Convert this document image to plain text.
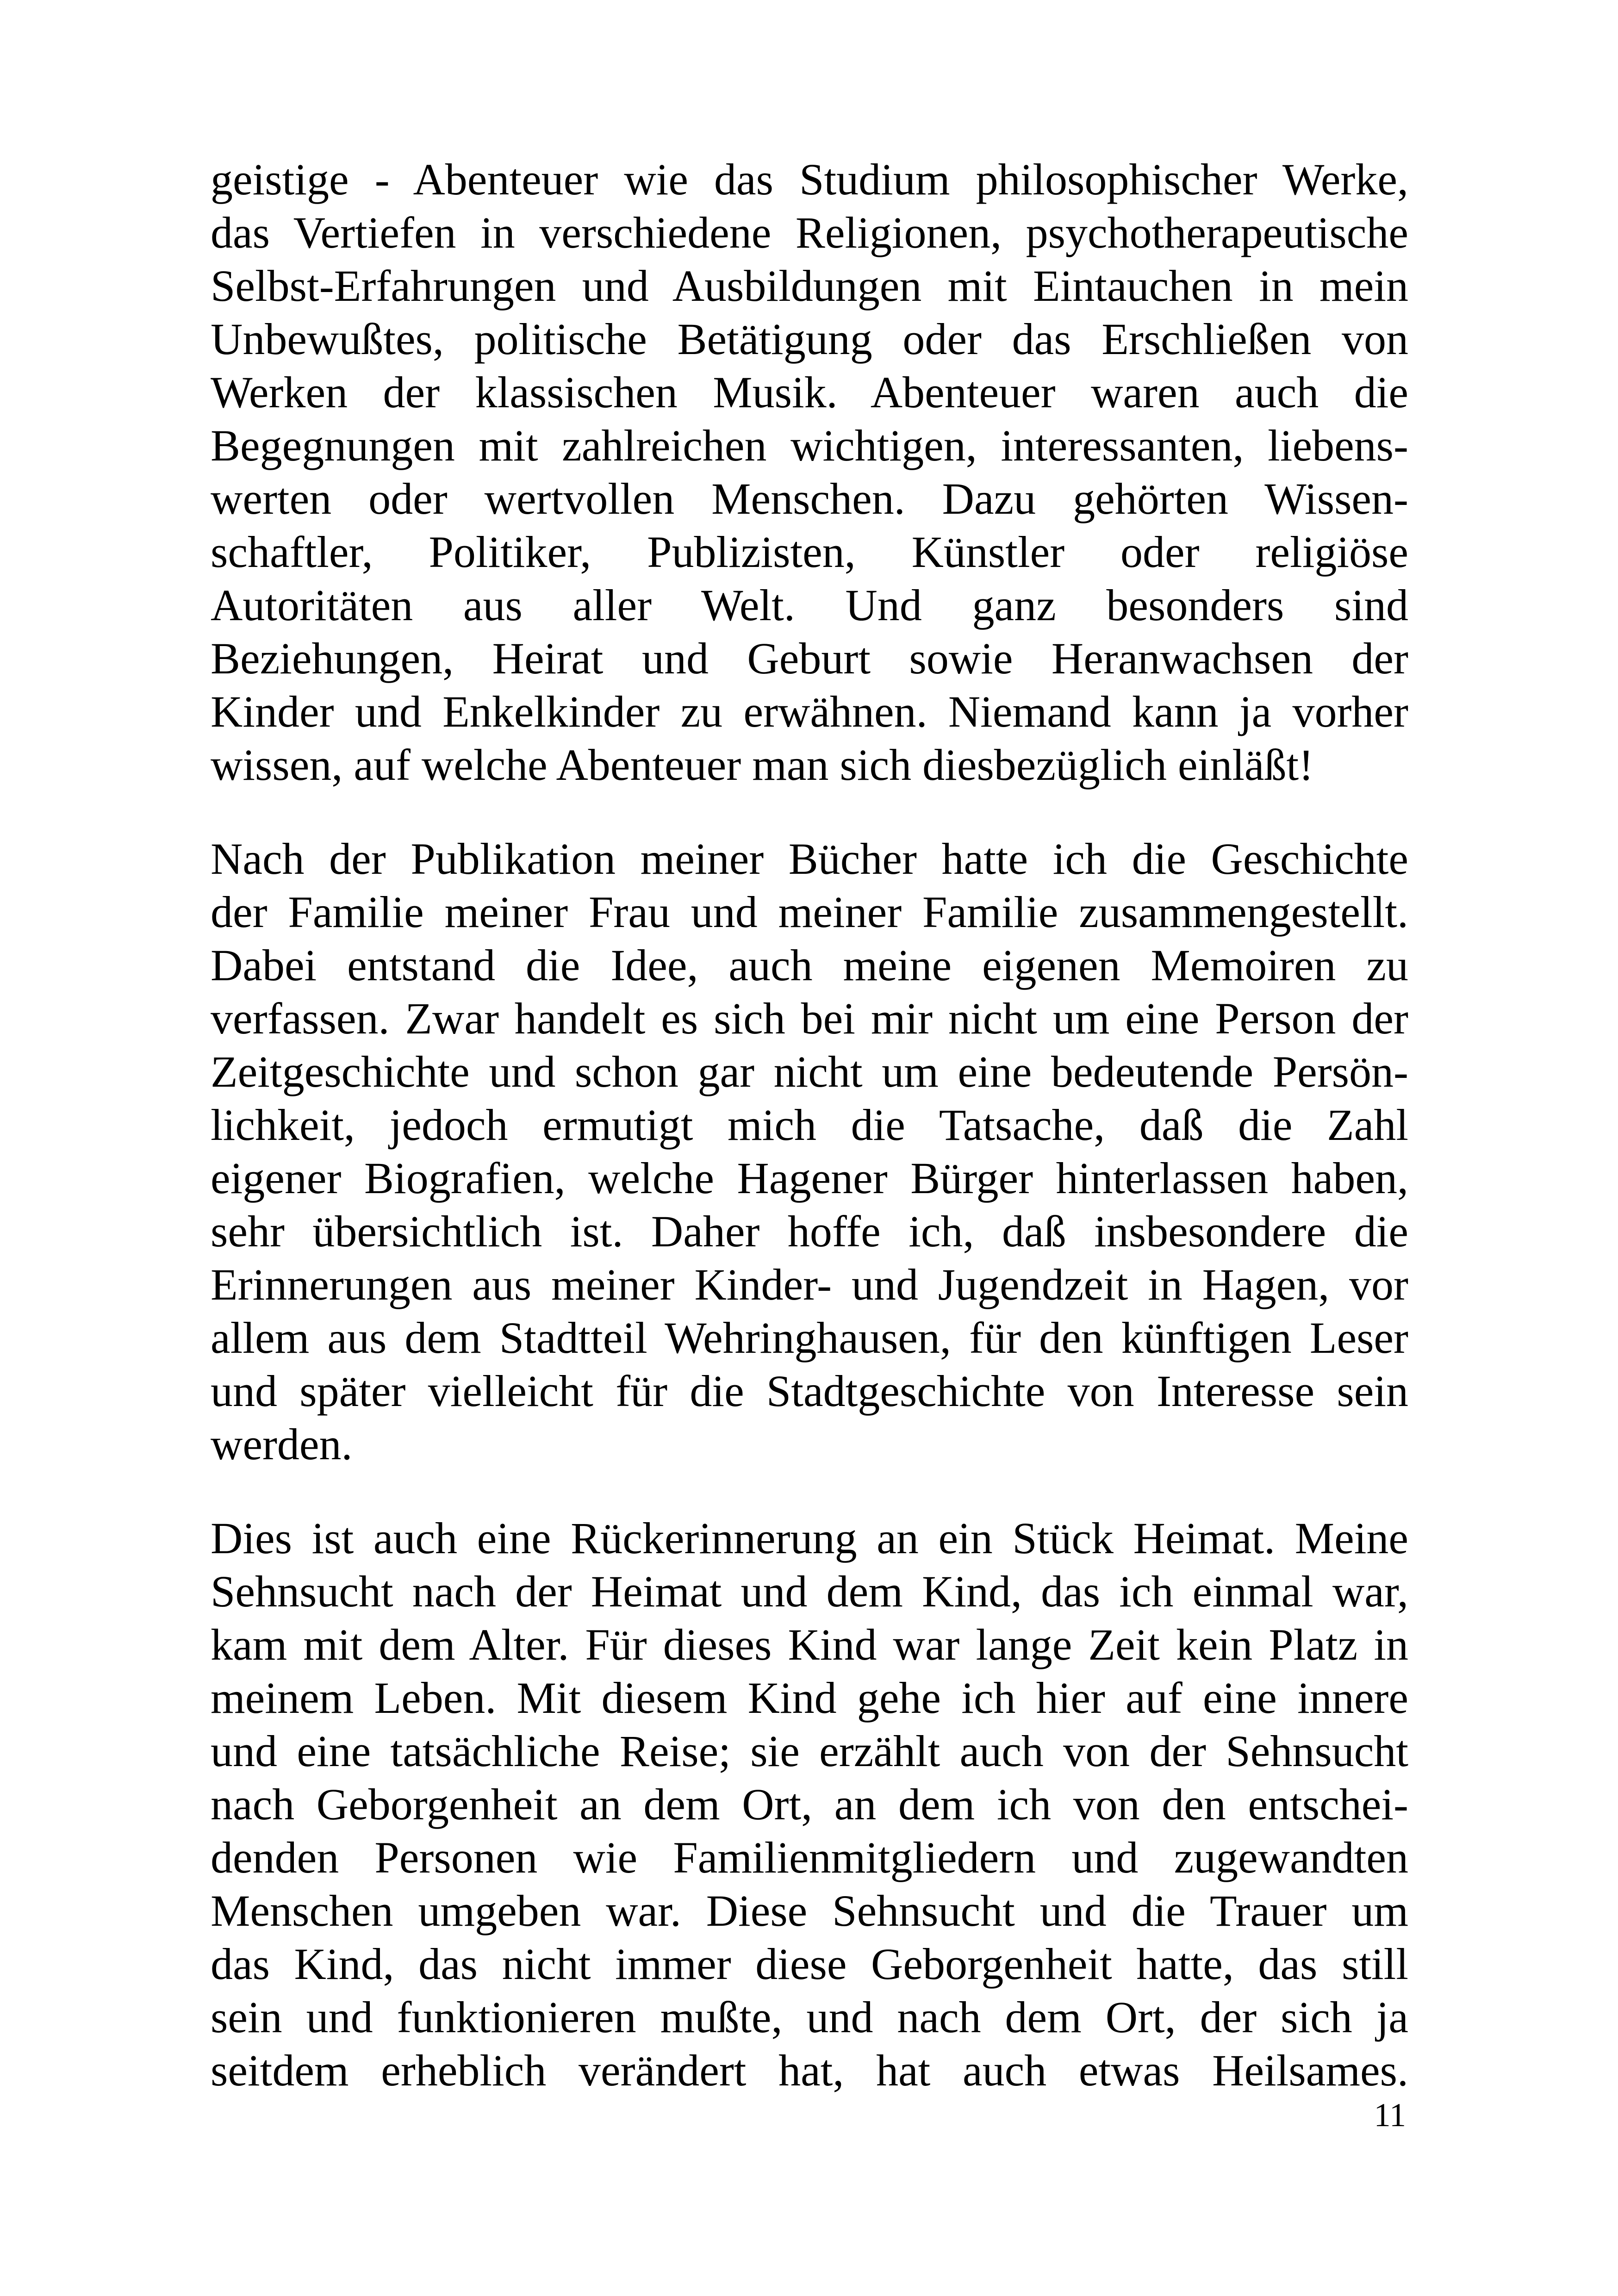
geistige - Abenteuer wie das Studium philosophischer Werke,
das Vertiefen in verschiedene Religionen, psychotherapeutische
Selbst-Erfahrungen und Ausbildungen mit Eintauchen in mein
Unbewußtes, politische Betätigung oder das Erschließen von
Werken der klassischen Musik. Abenteuer waren auch die
Begegnungen mit zahlreichen wichtigen, interessanten, liebens-
werten oder wertvollen Menschen. Dazu gehörten Wissen-
schaftler, Politiker, Publizisten, Künstler oder religiöse
Autoritäten aus aller Welt. Und ganz besonders sind
Beziehungen, Heirat und Geburt sowie Heranwachsen der
Kinder und Enkelkinder zu erwähnen. Niemand kann ja vorher
wissen, auf welche Abenteuer man sich diesbezüglich einläßt!

Nach der Publikation meiner Bücher hatte ich die Geschichte
der Familie meiner Frau und meiner Familie zusammengestellt.
Dabei entstand die Idee, auch meine eigenen Memoiren zu
verfassen. Zwar handelt es sich bei mir nicht um eine Person der
Zeitgeschichte und schon gar nicht um eine bedeutende Persön-
lichkeit, jedoch ermutigt mich die Tatsache, daß die Zahl
eigener Biografien, welche Hagener Bürger hinterlassen haben,
sehr übersichtlich ist. Daher hoffe ich, daß insbesondere die
Erinnerungen aus meiner Kinder- und Jugendzeit in Hagen, vor
allem aus dem Stadtteil Wehringhausen, für den künftigen Leser
und später vielleicht für die Stadtgeschichte von Interesse sein
werden.

Dies ist auch eine Rückerinnerung an ein Stück Heimat. Meine
Sehnsucht nach der Heimat und dem Kind, das ich einmal war,
kam mit dem Alter. Für dieses Kind war lange Zeit kein Platz in
meinem Leben. Mit diesem Kind gehe ich hier auf eine innere
und eine tatsächliche Reise; sie erzählt auch von der Sehnsucht
nach Geborgenheit an dem Ort, an dem ich von den entschei-
denden Personen wie Familienmitgliedern und zugewandten
Menschen umgeben war. Diese Sehnsucht und die Trauer um
das Kind, das nicht immer diese Geborgenheit hatte, das still
sein und funktionieren mußte, und nach dem Ort, der sich ja
seitdem erheblich verändert hat, hat auch etwas Heilsames.

11
